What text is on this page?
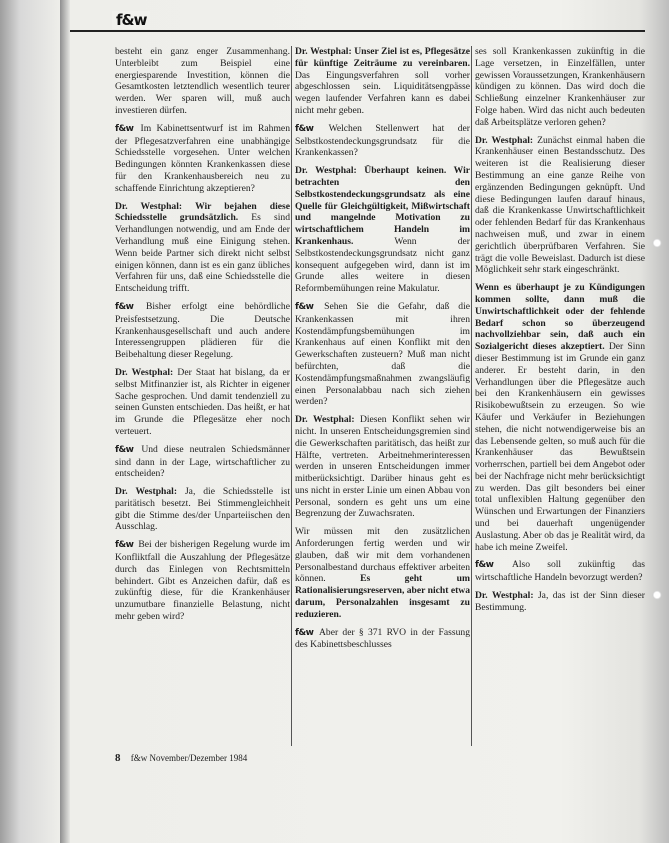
f&w

besteht ein ganz enger Zusammenhang. Unterbleibt zum Beispiel eine energiesparende Investition, können die Gesamtkosten letztendlich wesentlich teurer werden. Wer sparen will, muß auch investieren dürfen.

f&w Im Kabinettsentwurf ist im Rahmen der Pflegesatzverfahren eine unabhängige Schiedsstelle vorgesehen. Unter welchen Bedingungen könnten Krankenkassen diese für den Krankenhausbereich neu zu schaffende Einrichtung akzeptieren?

Dr. Westphal: Wir bejahen diese Schiedsstelle grundsätzlich. Es sind Verhandlungen notwendig, und am Ende der Verhandlung muß eine Einigung stehen. Wenn beide Partner sich direkt nicht selbst einigen können, dann ist es ein ganz übliches Verfahren für uns, daß eine Schiedsstelle die Entscheidung trifft.

f&w Bisher erfolgt eine behördliche Preisfestsetzung. Die Deutsche Krankenhausgesellschaft und auch andere Interessengruppen plädieren für die Beibehaltung dieser Regelung.

Dr. Westphal: Der Staat hat bislang, da er selbst Mitfinanzier ist, als Richter in eigener Sache gesprochen. Und damit tendenziell zu seinen Gunsten entschieden. Das heißt, er hat im Grunde die Pflegesätze eher noch verteuert.

f&w Und diese neutralen Schiedsmänner sind dann in der Lage, wirtschaftlicher zu entscheiden?

Dr. Westphal: Ja, die Schiedsstelle ist paritätisch besetzt. Bei Stimmengleichheit gibt die Stimme des/der Unparteiischen den Ausschlag.

f&w Bei der bisherigen Regelung wurde im Konfliktfall die Auszahlung der Pflegesätze durch das Einlegen von Rechtsmitteln behindert. Gibt es Anzeichen dafür, daß es zukünftig diese, für die Krankenhäuser unzumutbare finanzielle Belastung, nicht mehr geben wird?

Dr. Westphal: Unser Ziel ist es, Pflegesätze für künftige Zeiträume zu vereinbaren. Das Eingungsverfahren soll vorher abgeschlossen sein. Liquiditätsengpässe wegen laufender Verfahren kann es dabei nicht mehr geben.

f&w Welchen Stellenwert hat der Selbstkostendeckungsgrundsatz für die Krankenkassen?

Dr. Westphal: Überhaupt keinen. Wir betrachten den Selbstkostendeckungsgrundsatz als eine Quelle für Gleichgültigkeit, Mißwirtschaft und mangelnde Motivation zu wirtschaftlichem Handeln im Krankenhaus.	Wenn der Selbstkostendeckungsgrundsatz nicht ganz konsequent aufgegeben wird, dann ist im Grunde alles weitere in diesen Reformbemühungen reine Makulatur.

f&w Sehen Sie die Gefahr, daß die Krankenkassen mit ihren Kostendämpfungsbemühungen im Krankenhaus auf einen Konflikt mit den Gewerkschaften zusteuern? Muß man nicht befürchten, daß die Kostendämpfungsmaßnahmen zwangsläufig einen Personalabbau nach sich ziehen werden?

Dr. Westphal: Diesen Konflikt sehen wir nicht. In unseren Entscheidungsgremien sind die Gewerkschaften paritätisch, das heißt zur Hälfte, vertreten. Arbeitnehmerinteressen werden in unseren Entscheidungen immer mitberücksichtigt. Darüber hinaus geht es uns nicht in erster Linie um einen Abbau von Personal, sondern es geht uns um eine Begrenzung der Zuwachsraten.

Wir müssen mit den zusätzlichen Anforderungen fertig werden und wir glauben, daß wir mit dem vorhandenen Personalbestand durchaus effektiver arbeiten können.	Es geht um Rationalisierungsreserven, aber nicht etwa darum, Personalzahlen insgesamt zu reduzieren.

f&w Aber der § 371 RVO in der Fassung des Kabinettsbeschlusses

ses soll Krankenkassen zukünftig in die Lage versetzen, in Einzelfällen, unter gewissen Voraussetzungen, Krankenhäusern kündigen zu können. Das wird doch die Schließung einzelner Krankenhäuser zur Folge haben. Wird das nicht auch bedeuten daß Arbeitsplätze verloren gehen?

Dr. Westphal: Zunächst einmal haben die Krankenhäuser einen Bestandsschutz. Des weiteren ist die Realisierung dieser Bestimmung an eine ganze Reihe von ergänzenden Bedingungen geknüpft. Und diese Bedingungen laufen darauf hinaus, daß die Krankenkasse Unwirtschaftlichkeit oder fehlenden Bedarf für das Krankenhaus nachweisen muß, und zwar in einem gerichtlich überprüfbaren Verfahren. Sie trägt die volle Beweislast. Dadurch ist diese Möglichkeit sehr stark eingeschränkt.

Wenn es überhaupt je zu Kündigungen kommen sollte, dann muß die Unwirtschaftlichkeit oder der fehlende Bedarf schon so überzeugend nachvollziehbar sein, daß auch ein Sozialgericht dieses akzeptiert. Der Sinn dieser Bestimmung ist im Grunde ein ganz anderer. Er besteht darin, in den Verhandlungen über die Pflegesätze auch bei den Krankenhäusern ein gewisses Risikobewußtsein zu erzeugen. So wie Käufer und Verkäufer in Beziehungen stehen, die nicht notwendigerweise bis an das Lebensende gelten, so muß auch für die Krankenhäuser das Bewußtsein vorherrschen, partiell bei dem Angebot oder bei der Nachfrage nicht mehr berücksichtigt zu werden. Das gilt besonders bei einer total unflexiblen Haltung gegenüber den Wünschen und Erwartungen der Finanziers und bei dauerhaft ungenügender Auslastung. Aber ob das je Realität wird, da habe ich meine Zweifel.

f&w Also soll zukünftig das wirtschaftliche Handeln bevorzugt werden?

Dr. Westphal: Ja, das ist der Sinn dieser Bestimmung.

8 f&w November/Dezember 1984
